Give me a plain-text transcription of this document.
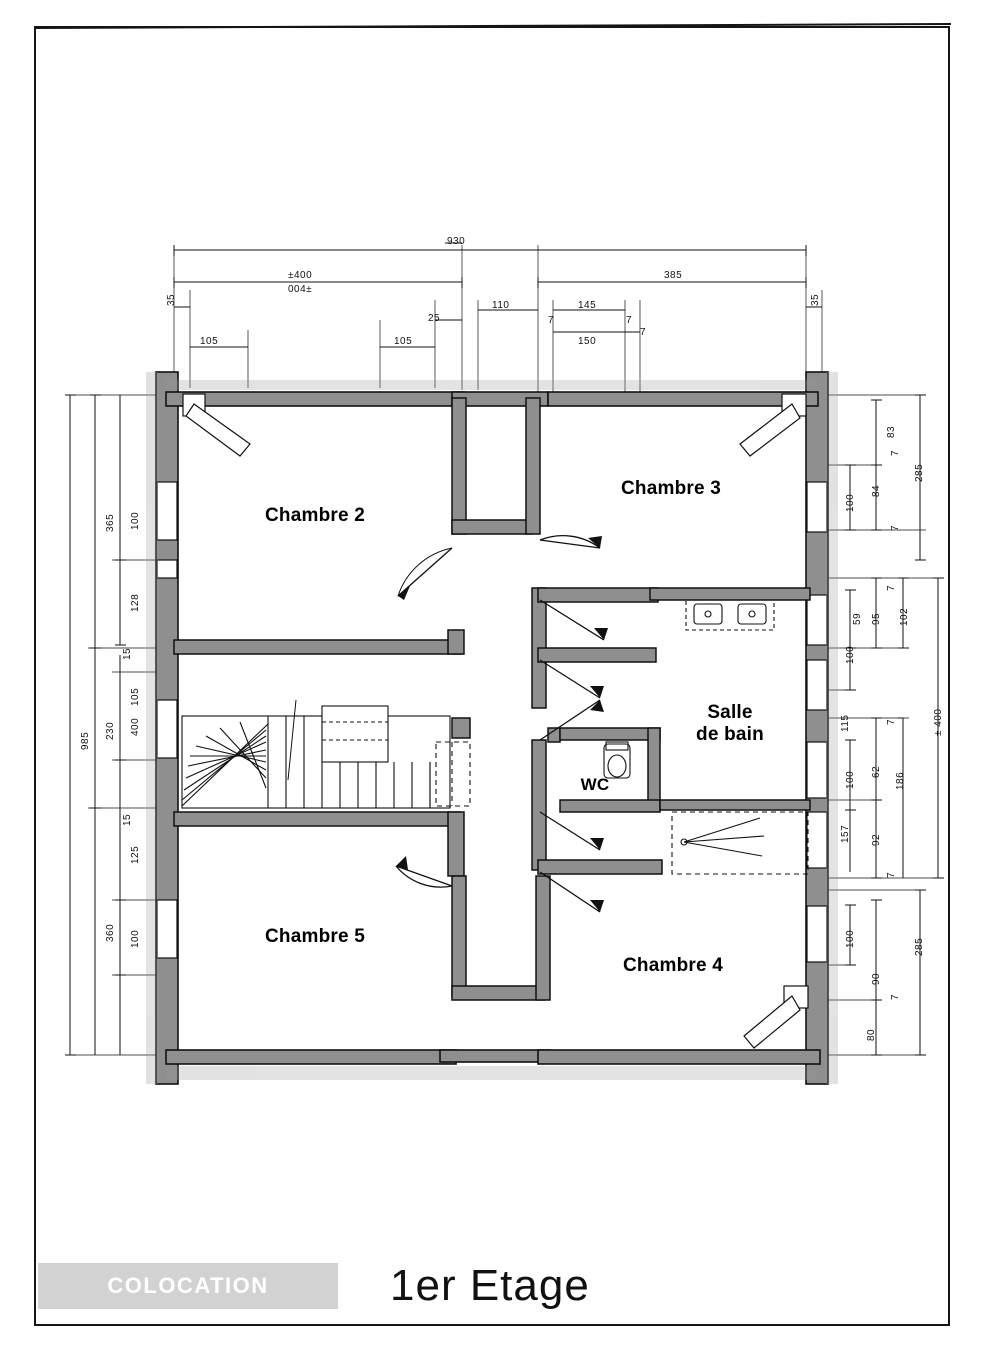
Chambre 2
Chambre 3
Chambre 5
Chambre 4
Salle
de bain
WC
930
±400
004±
385
35	35
25
110	145
7	7
150
7
105	105
985
365 100
128
15
105
230 400
15
125
360 100
285
100
83
7
84
7
7
59 95 102
100
115	7	± 400
62
100	186
157 92
7
285
100
90
7
80
COLOCATION	1er Etage
